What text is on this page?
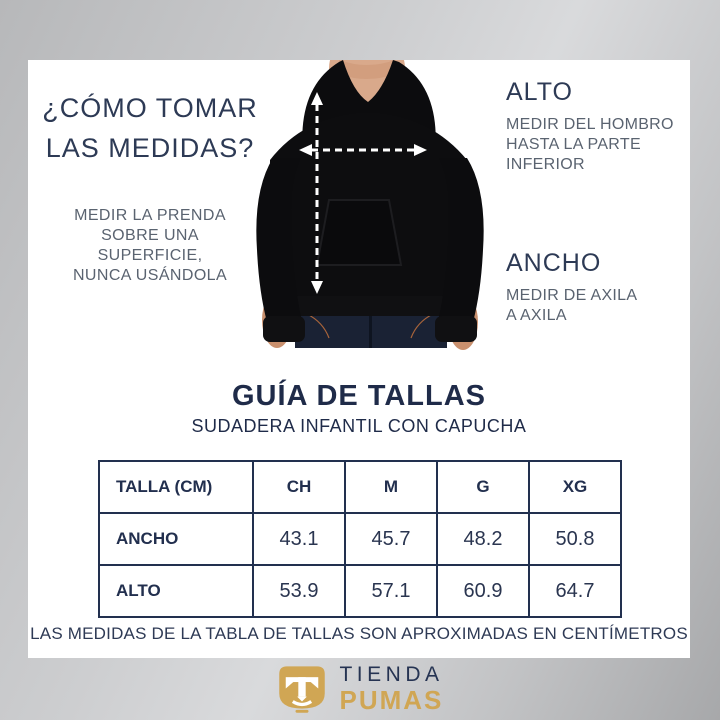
¿CÓMO TOMAR
LAS MEDIDAS?
MEDIR LA PRENDA
SOBRE UNA
SUPERFICIE,
NUNCA USÁNDOLA
ALTO
MEDIR DEL HOMBRO
HASTA LA PARTE
INFERIOR
ANCHO
MEDIR DE AXILA
A AXILA
GUÍA DE TALLAS
SUDADERA INFANTIL CON CAPUCHA
TALLA (CM)	CH	M	G	XG
ANCHO	43.1	45.7	48.2	50.8
ALTO	53.9	57.1	60.9	64.7
LAS MEDIDAS DE LA TABLA DE TALLAS SON APROXIMADAS EN CENTÍMETROS
TIENDA
PUMAS
